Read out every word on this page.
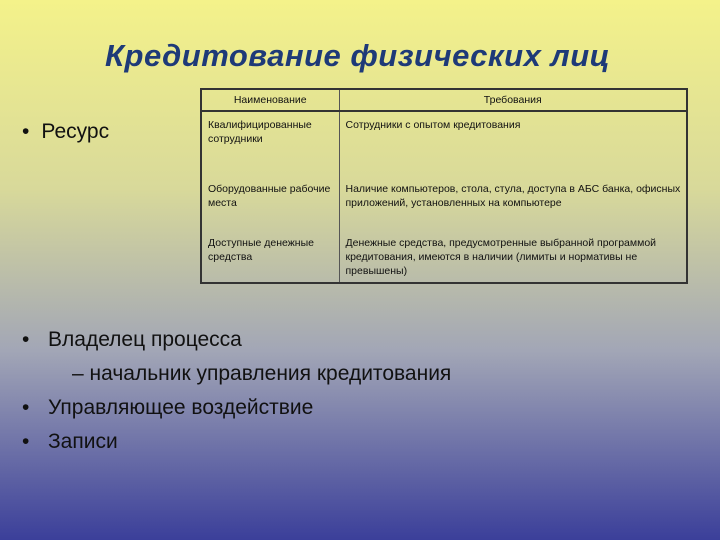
Кредитование физических лиц
• Ресурс
Наименование	Требования
Квалифицированные сотрудники	Сотрудники с опытом кредитования
Оборудованные рабочие места	Наличие компьютеров, стола, стула, доступа в АБС банка, офисных приложений, установленных на компьютере
Доступные денежные средства	Денежные средства, предусмотренные выбранной программой кредитования, имеются в наличии (лимиты и нормативы не превышены)
• Владелец процесса
– начальник управления кредитования
• Управляющее воздействие
• Записи
